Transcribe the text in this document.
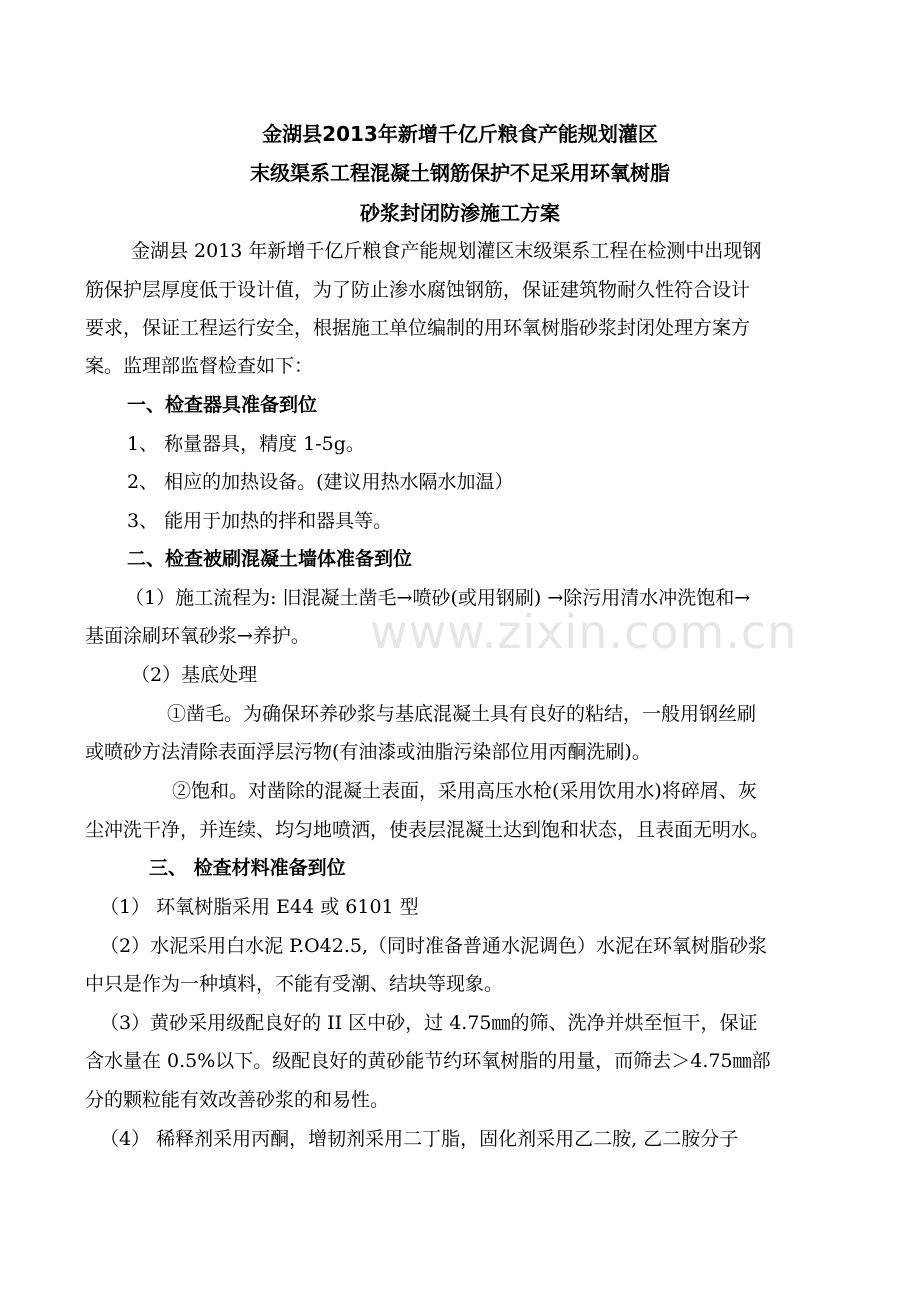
金湖县2013年新增千亿斤粮食产能规划灌区
末级渠系工程混凝土钢筋保护不足采用环氧树脂
砂浆封闭防渗施工方案
金湖县 2013 年新增千亿斤粮食产能规划灌区末级渠系工程在检测中出现钢
筋保护层厚度低于设计值，为了防止渗水腐蚀钢筋，保证建筑物耐久性符合设计
要求，保证工程运行安全，根据施工单位编制的用环氧树脂砂浆封闭处理方案方
案。监理部监督检查如下：
一、检查器具准备到位
1、 称量器具，精度 1-5g。
2、 相应的加热设备。(建议用热水隔水加温）
3、 能用于加热的拌和器具等。
二、检查被刷混凝土墙体准备到位
（1）施工流程为: 旧混凝土凿毛→喷砂(或用钢刷) →除污用清水冲洗饱和→
基面涂刷环氧砂浆→养护。
（2）基底处理
①凿毛。为确保环养砂浆与基底混凝土具有良好的粘结，一般用钢丝刷
或喷砂方法清除表面浮层污物(有油漆或油脂污染部位用丙酮洗刷)。
②饱和。对凿除的混凝土表面，采用高压水枪(采用饮用水)将碎屑、灰
尘冲洗干净，并连续、均匀地喷洒，使表层混凝土达到饱和状态，且表面无明水。
三、 检查材料准备到位
（1） 环氧树脂采用 E44 或 6101 型
（2）水泥采用白水泥 P.O42.5,（同时准备普通水泥调色）水泥在环氧树脂砂浆
中只是作为一种填料，不能有受潮、结块等现象。
（3）黄砂采用级配良好的 II 区中砂，过 4.75㎜的筛、洗净并烘至恒干，保证
含水量在 0.5%以下。级配良好的黄砂能节约环氧树脂的用量，而筛去＞4.75㎜部
分的颗粒能有效改善砂浆的和易性。
（4） 稀释剂采用丙酮，增韧剂采用二丁脂，固化剂采用乙二胺, 乙二胺分子
www.zixin.com.cn
